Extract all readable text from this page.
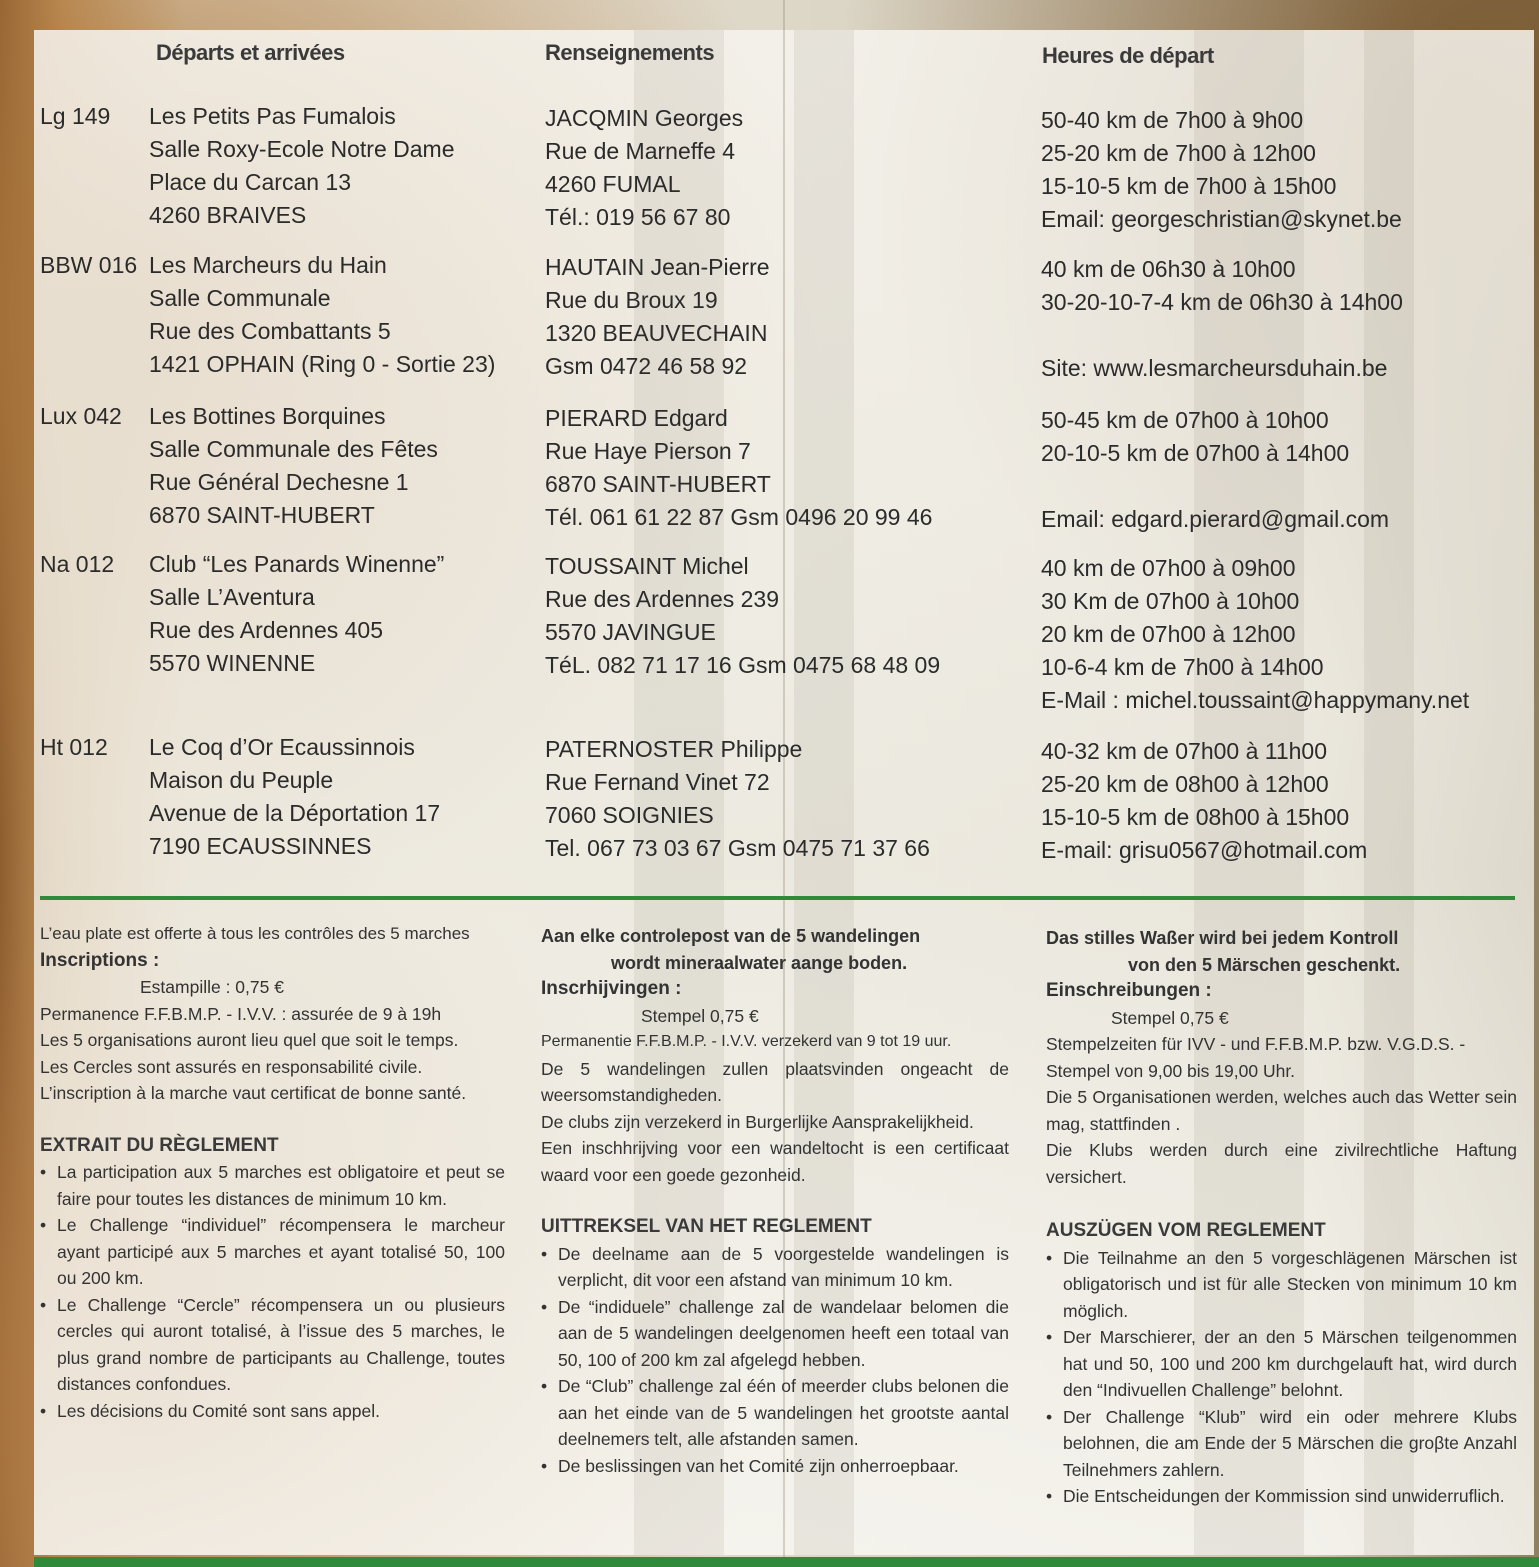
Départs et arrivées	Renseignements	Heures de départ
Lg 149 Les Petits Pas Fumalois
Salle Roxy-Ecole Notre Dame
Place du Carcan 13
4260 BRAIVES
JACQMIN Georges
Rue de Marneffe 4
4260 FUMAL
Tél.: 019 56 67 80
50-40 km de 7h00 à 9h00
25-20 km de 7h00 à 12h00
15-10-5 km de 7h00 à 15h00
Email: georgeschristian@skynet.be
BBW 016 Les Marcheurs du Hain
Salle Communale
Rue des Combattants 5
1421 OPHAIN (Ring 0 - Sortie 23)
HAUTAIN Jean-Pierre
Rue du Broux 19
1320 BEAUVECHAIN
Gsm 0472 46 58 92
40 km de 06h30 à 10h00
30-20-10-7-4 km de 06h30 à 14h00
Site: www.lesmarcheursduhain.be
Lux 042 Les Bottines Borquines
Salle Communale des Fêtes
Rue Général Dechesne 1
6870 SAINT-HUBERT
PIERARD Edgard
Rue Haye Pierson 7
6870 SAINT-HUBERT
Tél. 061 61 22 87 Gsm 0496 20 99 46
50-45 km de 07h00 à 10h00
20-10-5 km de 07h00 à 14h00
Email: edgard.pierard@gmail.com
Na 012 Club “Les Panards Winenne”
Salle L’Aventura
Rue des Ardennes 405
5570 WINENNE
TOUSSAINT Michel
Rue des Ardennes 239
5570 JAVINGUE
TéL. 082 71 17 16 Gsm 0475 68 48 09
40 km de 07h00 à 09h00
30 Km de 07h00 à 10h00
20 km de 07h00 à 12h00
10-6-4 km de 7h00 à 14h00
E-Mail : michel.toussaint@happymany.net
Ht 012 Le Coq d’Or Ecaussinnois
Maison du Peuple
Avenue de la Déportation 17
7190 ECAUSSINNES
PATERNOSTER Philippe
Rue Fernand Vinet 72
7060 SOIGNIES
Tel. 067 73 03 67 Gsm 0475 71 37 66
40-32 km de 07h00 à 11h00
25-20 km de 08h00 à 12h00
15-10-5 km de 08h00 à 15h00
E-mail: grisu0567@hotmail.com
L’eau plate est offerte à tous les contrôles des 5 marches
Inscriptions :
Estampille : 0,75 €
Permanence F.F.B.M.P. - I.V.V. : assurée de 9 à 19h
Les 5 organisations auront lieu quel que soit le temps.
Les Cercles sont assurés en responsabilité civile.
L’inscription à la marche vaut certificat de bonne santé.
EXTRAIT DU RÈGLEMENT
• La participation aux 5 marches est obligatoire et peut se faire pour toutes les distances de minimum 10 km.
• Le Challenge “individuel” récompensera le marcheur ayant participé aux 5 marches et ayant totalisé 50, 100 ou 200 km.
• Le Challenge “Cercle” récompensera un ou plusieurs cercles qui auront totalisé, à l’issue des 5 marches, le plus grand nombre de participants au Challenge, toutes distances confondues.
• Les décisions du Comité sont sans appel.
Aan elke controlepost van de 5 wandelingen
wordt mineraalwater aange boden.
Inscrhijvingen :
Stempel 0,75 €
Permanentie F.F.B.M.P. - I.V.V. verzekerd van 9 tot 19 uur.
De 5 wandelingen zullen plaatsvinden ongeacht de weersomstandigheden.
De clubs zijn verzekerd in Burgerlijke Aansprakelijkheid.
Een inschhrijving voor een wandeltocht is een certificaat waard voor een goede gezonheid.
UITTREKSEL VAN HET REGLEMENT
• De deelname aan de 5 voorgestelde wandelingen is verplicht, dit voor een afstand van minimum 10 km.
• De “indiduele” challenge zal de wandelaar belomen die aan de 5 wandelingen deelgenomen heeft een totaal van 50, 100 of 200 km zal afgelegd hebben.
• De “Club” challenge zal één of meerder clubs belonen die aan het einde van de 5 wandelingen het grootste aantal deelnemers telt, alle afstanden samen.
• De beslissingen van het Comité zijn onherroepbaar.
Das stilles Waßer wird bei jedem Kontroll
von den 5 Märschen geschenkt.
Einschreibungen :
Stempel 0,75 €
Stempelzeiten für IVV - und F.F.B.M.P. bzw. V.G.D.S. - Stempel von 9,00 bis 19,00 Uhr.
Die 5 Organisationen werden, welches auch das Wetter sein mag, stattfinden .
Die Klubs werden durch eine zivilrechtliche Haftung versichert.
AUSZÜGEN VOM REGLEMENT
• Die Teilnahme an den 5 vorgeschlägenen Märschen ist obligatorisch und ist für alle Stecken von minimum 10 km möglich.
• Der Marschierer, der an den 5 Märschen teilgenommen hat und 50, 100 und 200 km durchgelauft hat, wird durch den “Indivuellen Challenge” belohnt.
• Der Challenge “Klub” wird ein oder mehrere Klubs belohnen, die am Ende der 5 Märschen die groβte Anzahl Teilnehmers zahlern.
• Die Entscheidungen der Kommission sind unwiderruflich.
